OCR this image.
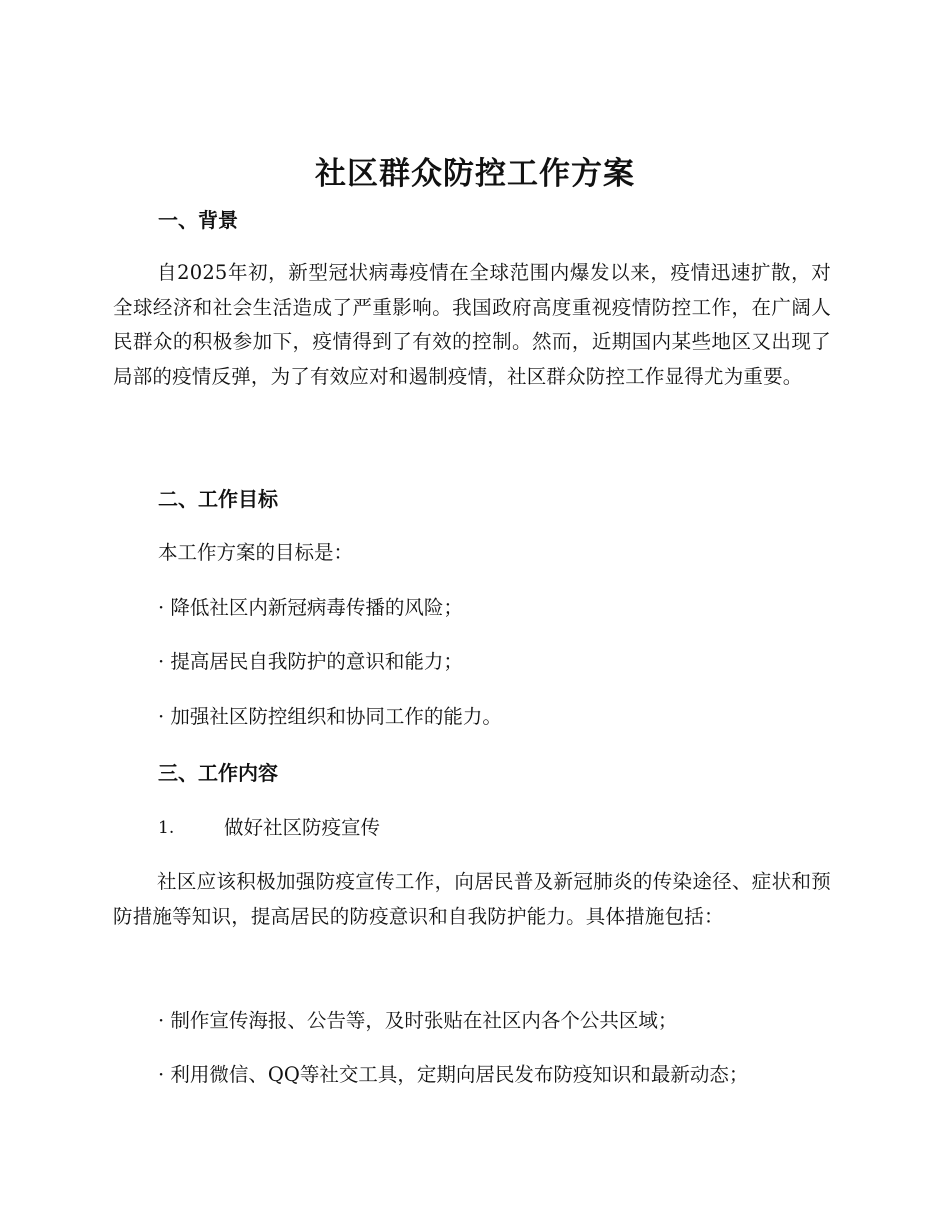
社区群众防控工作方案
一、背景
自2025年初，新型冠状病毒疫情在全球范围内爆发以来，疫情迅速扩散，对全球经济和社会生活造成了严重影响。我国政府高度重视疫情防控工作，在广阔人民群众的积极参加下，疫情得到了有效的控制。然而，近期国内某些地区又出现了局部的疫情反弹，为了有效应对和遏制疫情，社区群众防控工作显得尤为重要。
二、工作目标
本工作方案的目标是：
· 降低社区内新冠病毒传播的风险；
· 提高居民自我防护的意识和能力；
· 加强社区防控组织和协同工作的能力。
三、工作内容
1.	做好社区防疫宣传
社区应该积极加强防疫宣传工作，向居民普及新冠肺炎的传染途径、症状和预防措施等知识，提高居民的防疫意识和自我防护能力。具体措施包括：
· 制作宣传海报、公告等，及时张贴在社区内各个公共区域；
· 利用微信、QQ等社交工具，定期向居民发布防疫知识和最新动态；
